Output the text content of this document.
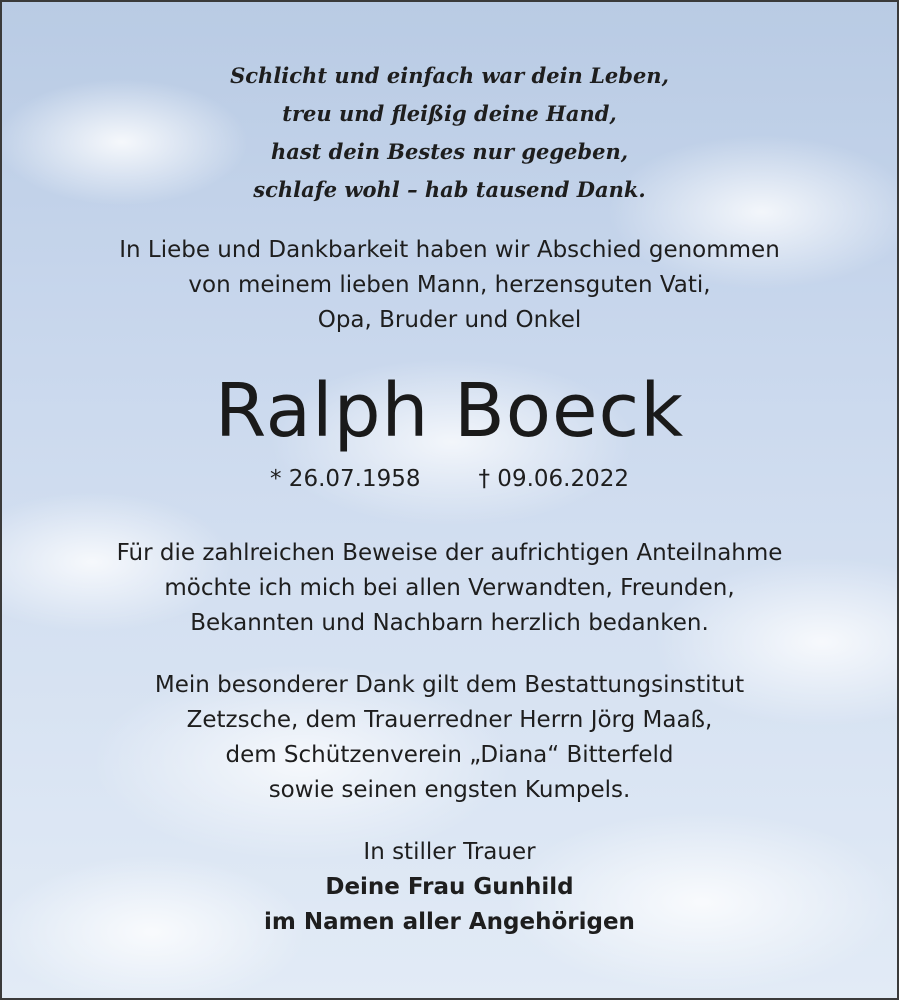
Schlicht und einfach war dein Leben,
treu und fleißig deine Hand,
hast dein Bestes nur gegeben,
schlafe wohl – hab tausend Dank.
In Liebe und Dankbarkeit haben wir Abschied genommen
von meinem lieben Mann, herzensguten Vati,
Opa, Bruder und Onkel
Ralph Boeck
* 26.07.1958	† 09.06.2022
Für die zahlreichen Beweise der aufrichtigen Anteilnahme
möchte ich mich bei allen Verwandten, Freunden,
Bekannten und Nachbarn herzlich bedanken.
Mein besonderer Dank gilt dem Bestattungsinstitut
Zetzsche, dem Trauerredner Herrn Jörg Maaß,
dem Schützenverein „Diana“ Bitterfeld
sowie seinen engsten Kumpels.
In stiller Trauer
Deine Frau Gunhild
im Namen aller Angehörigen
